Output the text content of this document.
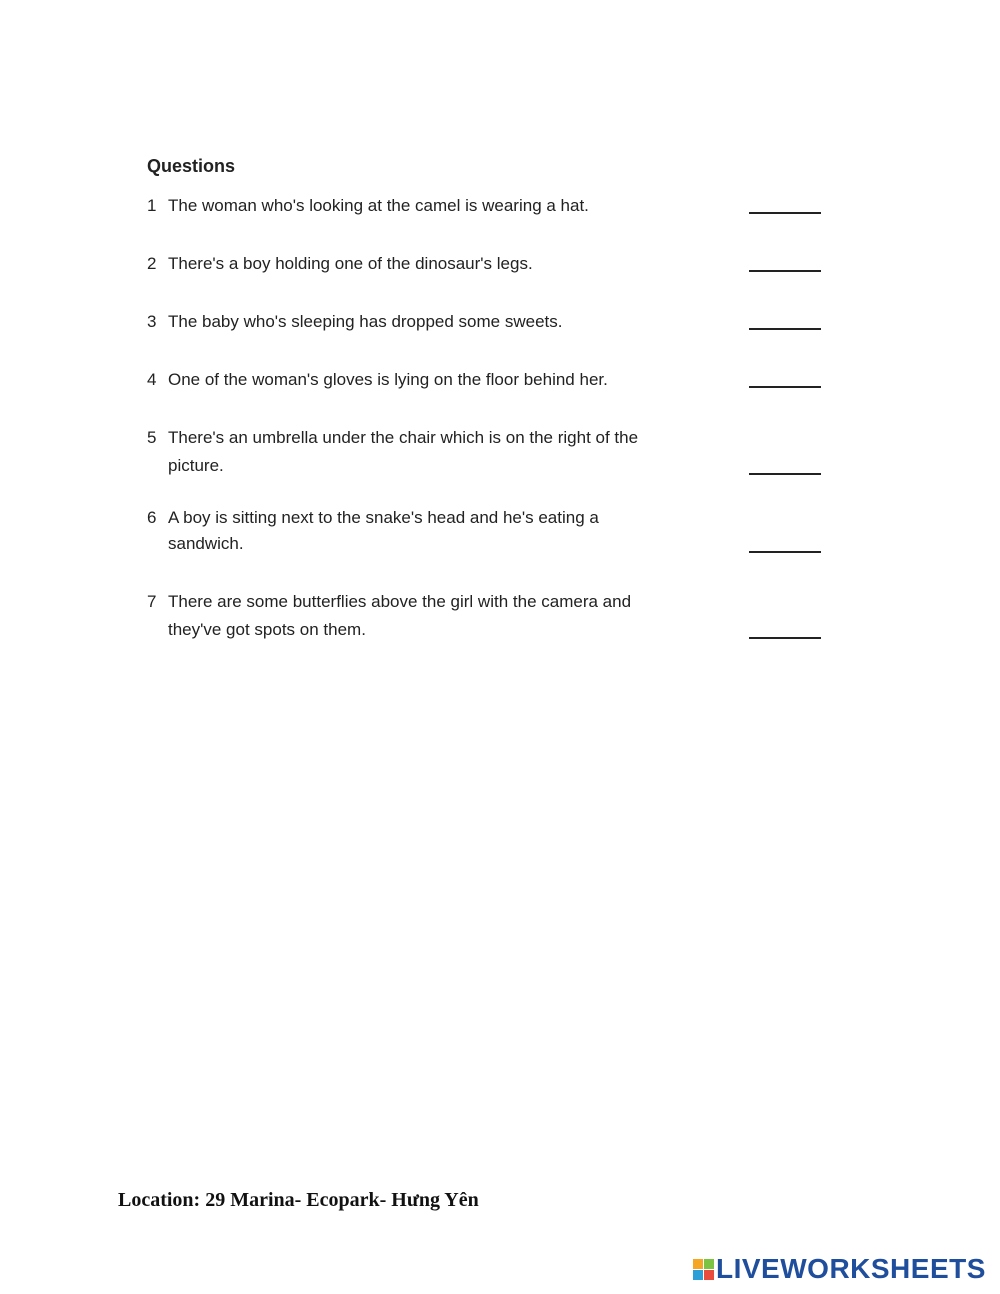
Questions
1 The woman who's looking at the camel is wearing a hat.
2 There's a boy holding one of the dinosaur's legs.
3 The baby who's sleeping has dropped some sweets.
4 One of the woman's gloves is lying on the floor behind her.
5 There's an umbrella under the chair which is on the right of the picture.
6 A boy is sitting next to the snake's head and he's eating a sandwich.
7 There are some butterflies above the girl with the camera and they've got spots on them.
Location: 29 Marina- Ecopark- Hưng Yên
LIVEWORKSHEETS
